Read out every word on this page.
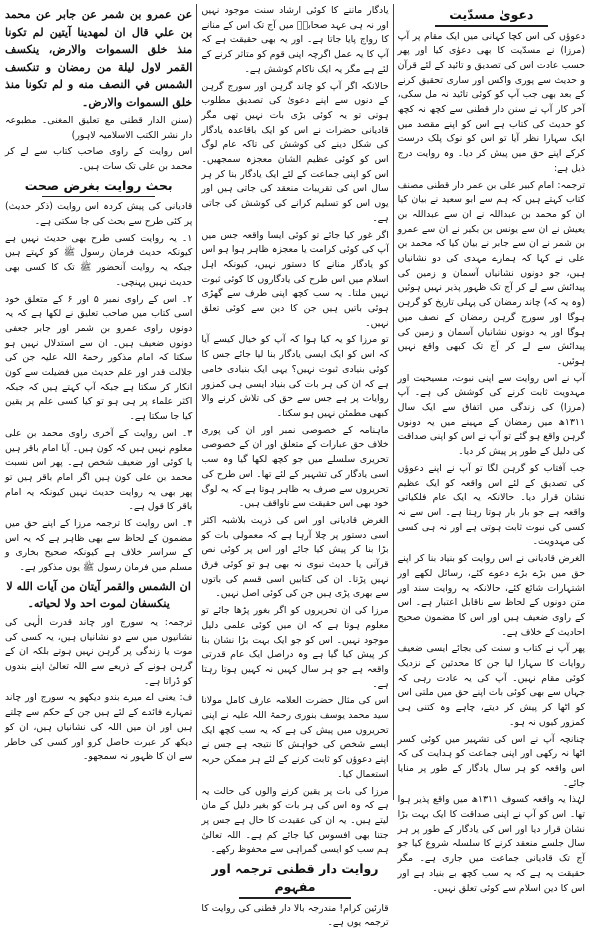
دعویٰ مسدّیت

دعوؤں کی اس کچا کہانی میں ایک مقام پر آپ (مرزا) نے مسدّیت کا بھی دعوٰی کیا اور پھر حسب عادت اس کی تصدیق و تائید کے لئے قرآن و حدیث سے پوری واکس اور ساری تحقیق کرنے کے بعد بھی جب آپ کو کوئی تائید نہ مل سکی، آخر کار آپ نے سنن دار قطنی سے کچھ نہ کچھ کو حدیث کی کتاب ہے اس کو اپنے مقصد میں ایک سہارا نظر آیا تو اس کو نوک پلک درست کرکے اپنے حق میں پیش کر دیا۔ وہ روایت درج ذیل ہے:

ترجمہ: امام کبیر علی بن عمر دار قطنی مصنف کتاب کہتے ہیں کہ ہم سے ابو سعید نے بیان کیا ان کو محمد بن عبداللہ نے ان سے عبداللہ بن یعیش نے ان سے یونس بن بکیر نے ان سے عمرو بن شمر نے ان سے جابر نے بیان کیا کہ محمد بن علی نے کہا کہ ہمارے مہدی کی دو نشانیاں ہیں، جو دونوں نشانیاں آسمان و زمین کی پیدائش سے لے کر آج تک ظہور پذیر نہیں ہوئیں (وہ یہ کہ) چاند رمضان کی پہلی تاریخ کو گرہن ہوگا اور سورج گرہن رمضان کے نصف میں ہوگا اور یہ دونوں نشانیاں آسمان و زمین کی پیدائش سے لے کر آج تک کبھی واقع نہیں ہوئیں۔

آپ نے اس روایت سے اپنی نبوت، مسیحیت اور مہدویت ثابت کرنے کی کوشش کی ہے۔ آپ (مرزا) کی زندگی میں اتفاق سے ایک سال ۱۳۱۱ھ میں رمضان کے مہینے میں یہ دونوں گرہن واقع ہو گئے تو آپ نے اس کو اپنی صداقت کی دلیل کے طور پر پیش کر دیا۔

جب آفتاب کو گرہن لگا تو آپ نے اپنے دعوؤں کی تصدیق کے لئے اس واقعہ کو ایک عظیم نشان قرار دیا۔ حالانکہ یہ ایک عام فلکیاتی واقعہ ہے جو بار بار ہوتا رہتا ہے۔ اس سے نہ کسی کی نبوت ثابت ہوتی ہے اور نہ ہی کسی کی مہدویت۔

الغرض قادیانی نے اس روایت کو بنیاد بنا کر اپنے حق میں بڑے بڑے دعوے کئے، رسائل لکھے اور اشتہارات شائع کئے، حالانکہ یہ روایت سند اور متن دونوں کے لحاظ سے ناقابل اعتبار ہے۔ اس کے راوی ضعیف ہیں اور اس کا مضمون صحیح احادیث کے خلاف ہے۔

پھر آپ نے کتاب و سنت کی بجائے ایسی ضعیف روایات کا سہارا لیا جن کا محدثین کے نزدیک کوئی مقام نہیں۔ آپ کی یہ عادت رہی کہ جہاں سے بھی کوئی بات اپنے حق میں ملتی اس کو اٹھا کر پیش کر دیتے، چاہے وہ کتنی ہی کمزور کیوں نہ ہو۔

چنانچہ آپ نے اس کی تشہیر میں کوئی کسر اٹھا نہ رکھی اور اپنی جماعت کو ہدایت کی کہ اس واقعہ کو ہر سال یادگار کے طور پر منایا جائے۔

لہٰذا یہ واقعہ کسوف ۱۳۱۱ھ میں واقع پذیر ہوا تھا۔ اس کو آپ نے اپنی صداقت کا ایک بہت بڑا نشان قرار دیا اور اس کی یادگار کے طور پر ہر سال جلسے منعقد کرنے کا سلسلہ شروع کیا جو آج تک قادیانی جماعت میں جاری ہے۔ مگر حقیقت یہ ہے کہ یہ سب کچھ بے بنیاد ہے اور اس کا دین اسلام سے کوئی تعلق نہیں۔

یادگار ماننے کا کوئی ارشاد سنت موجود نہیں اور نہ ہی عہد صحابہؓ میں آج تک اس کے منانے کا رواج پایا جاتا ہے۔ اور یہ بھی حقیقت ہے کہ آپ کا یہ عمل اگرچہ اپنی قوم کو متاثر کرنے کے لئے ہے مگر یہ ایک ناکام کوشش ہے۔

حالانکہ اگر آپ کو چاند گرہن اور سورج گرہن کے دنوں سے اپنے دعویٰ کی تصدیق مطلوب ہوتی تو یہ کوئی بڑی بات نہیں تھی مگر قادیانی حضرات نے اس کو ایک باقاعدہ یادگار کی شکل دینے کی کوشش کی تاکہ عام لوگ اس کو کوئی عظیم الشان معجزہ سمجھیں۔ اس کو اپنی جماعت کے لئے ایک یادگار بنا کر ہر سال اس کی تقریبات منعقد کی جاتی ہیں اور یوں اس کو تسلیم کرانے کی کوشش کی جاتی ہے۔

اگر غور کیا جائے تو کوئی ایسا واقعہ جس میں آپ کی کوئی کرامت یا معجزہ ظاہر ہوا ہو اس کو یادگار منانے کا دستور نہیں، کیونکہ اہل اسلام میں اس طرح کی یادگاروں کا کوئی ثبوت نہیں ملتا۔ یہ سب کچھ اپنی طرف سے گھڑی ہوئی باتیں ہیں جن کا دین سے کوئی تعلق نہیں۔

تو مرزا کو یہ کیا ہوا کہ آپ کو خیال کیسے آیا کہ اس کو ایک ایسی یادگار بنا لیا جائے جس کا کوئی بنیادی ثبوت نہیں؟ یہی ایک بنیادی خامی ہے کہ ان کی ہر بات کی بنیاد ایسی ہی کمزور روایات پر ہے جس سے حق کی تلاش کرنے والا کبھی مطمئن نہیں ہو سکتا۔

ماہنامہ کے خصوصی نمبر اور ان کی پوری خلاف حق عبارات کے متعلق اور ان کے خصوصی تحریری سلسلے میں جو کچھ لکھا گیا وہ سب اسی یادگار کی تشہیر کے لئے تھا۔ اس طرح کی تحریروں سے صرف یہ ظاہر ہوتا ہے کہ یہ لوگ خود بھی اس حقیقت سے ناواقف ہیں۔

الغرض قادیانی اور اس کی ذریت بلاشبہ اکثر اسی دستور پر چلا آرہا ہے کہ معمولی بات کو بڑا بنا کر پیش کیا جائے اور اس پر کوئی نص قرآنی یا حدیث نبوی نہ بھی ہو تو کوئی فرق نہیں پڑتا۔ ان کی کتابیں اسی قسم کی باتوں سے بھری پڑی ہیں جن کی کوئی اصل نہیں۔

مرزا کی ان تحریروں کو اگر بغور پڑھا جائے تو معلوم ہوتا ہے کہ ان میں کوئی علمی دلیل موجود نہیں۔ اس کو جو ایک بہت بڑا نشان بنا کر پیش کیا گیا ہے وہ دراصل ایک عام قدرتی واقعہ ہے جو ہر سال کہیں نہ کہیں ہوتا رہتا ہے۔

اس کی مثال حضرت العلامہ عارف کامل مولانا سید محمد یوسف بنوری رحمۃ اللہ علیہ نے اپنی تحریروں میں پیش کی ہے کہ یہ سب کچھ ایک ایسے شخص کی خواہش کا نتیجہ ہے جس نے اپنے دعوؤں کو ثابت کرنے کے لئے ہر ممکن حربہ استعمال کیا۔

مرزا کی بات پر یقین کرنے والوں کی حالت یہ ہے کہ وہ اس کی ہر بات کو بغیر دلیل کے مان لیتے ہیں۔ یہ ان کی عقیدت کا حال ہے جس پر جتنا بھی افسوس کیا جائے کم ہے۔ اللہ تعالیٰ ہم سب کو ایسی گمراہی سے محفوظ رکھے۔

روایت دار قطنی ترجمہ اور مفہوم

قارئین کرام! مندرجہ بالا دار قطنی کی روایت کا ترجمہ یوں ہے۔

عن عمرو بن شمر عن جابر عن محمد بن علي قال ان لمهدينا آيتين لم تكونا منذ خلق السموات والارض، ينكسف القمر لاول ليلة من رمضان و تنكسف الشمس في النصف منه و لم تكونا منذ خلق السموات والارض۔

(سنن الدار قطنی مع تعلیق المغنی۔ مطبوعہ دار نشر الکتب الاسلامیہ لاہور)

اس روایت کے راوی صاحب کتاب سے لے کر محمد بن علی تک سات ہیں۔

بحث روایت بغرض صحت

قادیانی کی پیش کردہ اس روایت (ذکر حدیث) پر کئی طرح سے بحث کی جا سکتی ہے۔

۱۔ یہ روایت کسی طرح بھی حدیث نہیں ہے کیونکہ حدیث فرمان رسول ﷺ کو کہتے ہیں جبکہ یہ روایت آنحضور ﷺ تک کا کسی بھی حدیث نہیں پہنچی۔

۲۔ اس کے راوی نمبر ۵ اور ۶ کے متعلق خود اسی کتاب میں صاحب تعلیق نے لکھا ہے کہ یہ دونوں راوی عمرو بن شمر اور جابر جعفی دونوں ضعیف ہیں۔ ان سے استدلال نہیں ہو سکتا کہ امام مذکور رحمۃ اللہ علیہ جن کی جلالت قدر اور علم حدیث میں فضیلت سے کون انکار کر سکتا ہے جبکہ آپ کہتے ہیں کہ جبکہ اکثر علماء پر ہی ہو تو کیا کسی علم پر یقین کیا جا سکتا ہے۔

۳۔ اس روایت کے آخری راوی محمد بن علی معلوم نہیں ہیں کہ کون ہیں۔ آیا امام باقر ہیں یا کوئی اور ضعیف شخص ہے۔ پھر اس نسبت محمد بن علی کون ہیں اگر امام باقر ہیں تو پھر بھی یہ روایت حدیث نہیں کیونکہ یہ امام باقر کا قول ہے۔

۴۔ اس روایت کا ترجمہ مرزا کے اپنے حق میں مضمون کے لحاظ سے بھی ظاہر ہے کہ یہ اس کے سراسر خلاف ہے کیونکہ صحیح بخاری و مسلم میں فرمان رسول ﷺ یوں مذکور ہے۔

ان الشمس والقمر آيتان من آيات الله لا ينكسفان لموت احد ولا لحياته۔

ترجمہ: یہ سورج اور چاند قدرت الٰہی کی نشانیوں میں سے دو نشانیاں ہیں، یہ کسی کی موت یا زندگی پر گرہن نہیں ہوتے بلکہ ان کے گرہن ہونے کے ذریعے سے اللہ تعالیٰ اپنے بندوں کو ڈراتا ہے۔

ف: یعنی اے میرے بندو دیکھو یہ سورج اور چاند تمہارے فائدے کے لئے ہیں جن کے حکم سے چلتے ہیں اور ان میں اللہ کی نشانیاں ہیں، ان کو دیکھ کر عبرت حاصل کرو اور کسی کی خاطر سے ان کا ظہور نہ سمجھو۔
